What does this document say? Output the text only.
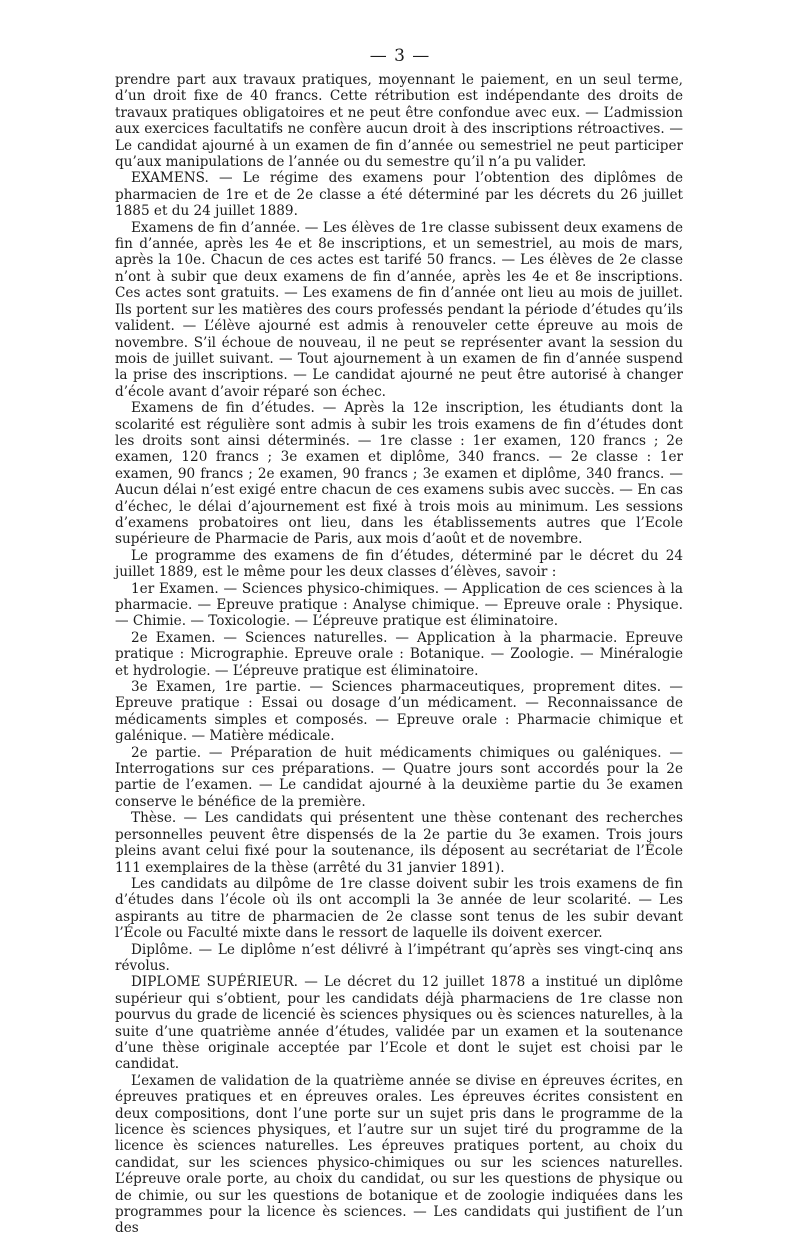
— 3 —

prendre part aux travaux pratiques, moyennant le paiement, en un seul terme, d’un droit fixe de 40 francs. Cette rétribution est indépendante des droits de travaux pratiques obligatoires et ne peut être confondue avec eux. — L’admission aux exercices facultatifs ne confère aucun droit à des inscriptions rétroactives. — Le candidat ajourné à un examen de fin d’année ou semestriel ne peut participer qu’aux manipulations de l’année ou du semestre qu’il n’a pu valider.

EXAMENS. — Le régime des examens pour l’obtention des diplômes de pharmacien de 1re et de 2e classe a été déterminé par les décrets du 26 juillet 1885 et du 24 juillet 1889.

Examens de fin d’année. — Les élèves de 1re classe subissent deux examens de fin d’année, après les 4e et 8e inscriptions, et un semestriel, au mois de mars, après la 10e. Chacun de ces actes est tarifé 50 francs. — Les élèves de 2e classe n’ont à subir que deux examens de fin d’année, après les 4e et 8e inscriptions. Ces actes sont gratuits. — Les examens de fin d’année ont lieu au mois de juillet. Ils portent sur les matières des cours professés pendant la période d’études qu’ils valident. — L’élève ajourné est admis à renouveler cette épreuve au mois de novembre. S’il échoue de nouveau, il ne peut se représenter avant la session du mois de juillet suivant. — Tout ajournement à un examen de fin d’année suspend la prise des inscriptions. — Le candidat ajourné ne peut être autorisé à changer d’école avant d’avoir réparé son échec.

Examens de fin d’études. — Après la 12e inscription, les étudiants dont la scolarité est régulière sont admis à subir les trois examens de fin d’études dont les droits sont ainsi déterminés. — 1re classe : 1er examen, 120 francs ; 2e examen, 120 francs ; 3e examen et diplôme, 340 francs. — 2e classe : 1er examen, 90 francs ; 2e examen, 90 francs ; 3e examen et diplôme, 340 francs. — Aucun délai n’est exigé entre chacun de ces examens subis avec succès. — En cas d’échec, le délai d’ajournement est fixé à trois mois au minimum. Les sessions d’examens probatoires ont lieu, dans les établissements autres que l’Ecole supérieure de Pharmacie de Paris, aux mois d’août et de novembre.

Le programme des examens de fin d’études, déterminé par le décret du 24 juillet 1889, est le même pour les deux classes d’élèves, savoir :

1er Examen. — Sciences physico-chimiques. — Application de ces sciences à la pharmacie. — Epreuve pratique : Analyse chimique. — Epreuve orale : Physique. — Chimie. — Toxicologie. — L’épreuve pratique est éliminatoire.

2e Examen. — Sciences naturelles. — Application à la pharmacie. Epreuve pratique : Micrographie. Epreuve orale : Botanique. — Zoologie. — Minéralogie et hydrologie. — L’épreuve pratique est éliminatoire.

3e Examen, 1re partie. — Sciences pharmaceutiques, proprement dites. — Epreuve pratique : Essai ou dosage d’un médicament. — Reconnaissance de médicaments simples et composés. — Epreuve orale : Pharmacie chimique et galénique. — Matière médicale.

2e partie. — Préparation de huit médicaments chimiques ou galéniques. — Interrogations sur ces préparations. — Quatre jours sont accordés pour la 2e partie de l’examen. — Le candidat ajourné à la deuxième partie du 3e examen conserve le bénéfice de la première.

Thèse. — Les candidats qui présentent une thèse contenant des recherches personnelles peuvent être dispensés de la 2e partie du 3e examen. Trois jours pleins avant celui fixé pour la soutenance, ils déposent au secrétariat de l’École 111 exemplaires de la thèse (arrêté du 31 janvier 1891).

Les candidats au dilpôme de 1re classe doivent subir les trois examens de fin d’études dans l’école où ils ont accompli la 3e année de leur scolarité. — Les aspirants au titre de pharmacien de 2e classe sont tenus de les subir devant l’École ou Faculté mixte dans le ressort de laquelle ils doivent exercer.

Diplôme. — Le diplôme n’est délivré à l’impétrant qu’après ses vingt-cinq ans révolus.

DIPLOME SUPÉRIEUR. — Le décret du 12 juillet 1878 a institué un diplôme supérieur qui s’obtient, pour les candidats déjà pharmaciens de 1re classe non pourvus du grade de licencié ès sciences physiques ou ès sciences naturelles, à la suite d’une quatrième année d’études, validée par un examen et la soutenance d’une thèse originale acceptée par l’Ecole et dont le sujet est choisi par le candidat.

L’examen de validation de la quatrième année se divise en épreuves écrites, en épreuves pratiques et en épreuves orales. Les épreuves écrites consistent en deux compositions, dont l’une porte sur un sujet pris dans le programme de la licence ès sciences physiques, et l’autre sur un sujet tiré du programme de la licence ès sciences naturelles. Les épreuves pratiques portent, au choix du candidat, sur les sciences physico-chimiques ou sur les sciences naturelles. L’épreuve orale porte, au choix du candidat, ou sur les questions de physique ou de chimie, ou sur les questions de botanique et de zoologie indiquées dans les programmes pour la licence ès sciences. — Les candidats qui justifient de l’un des
